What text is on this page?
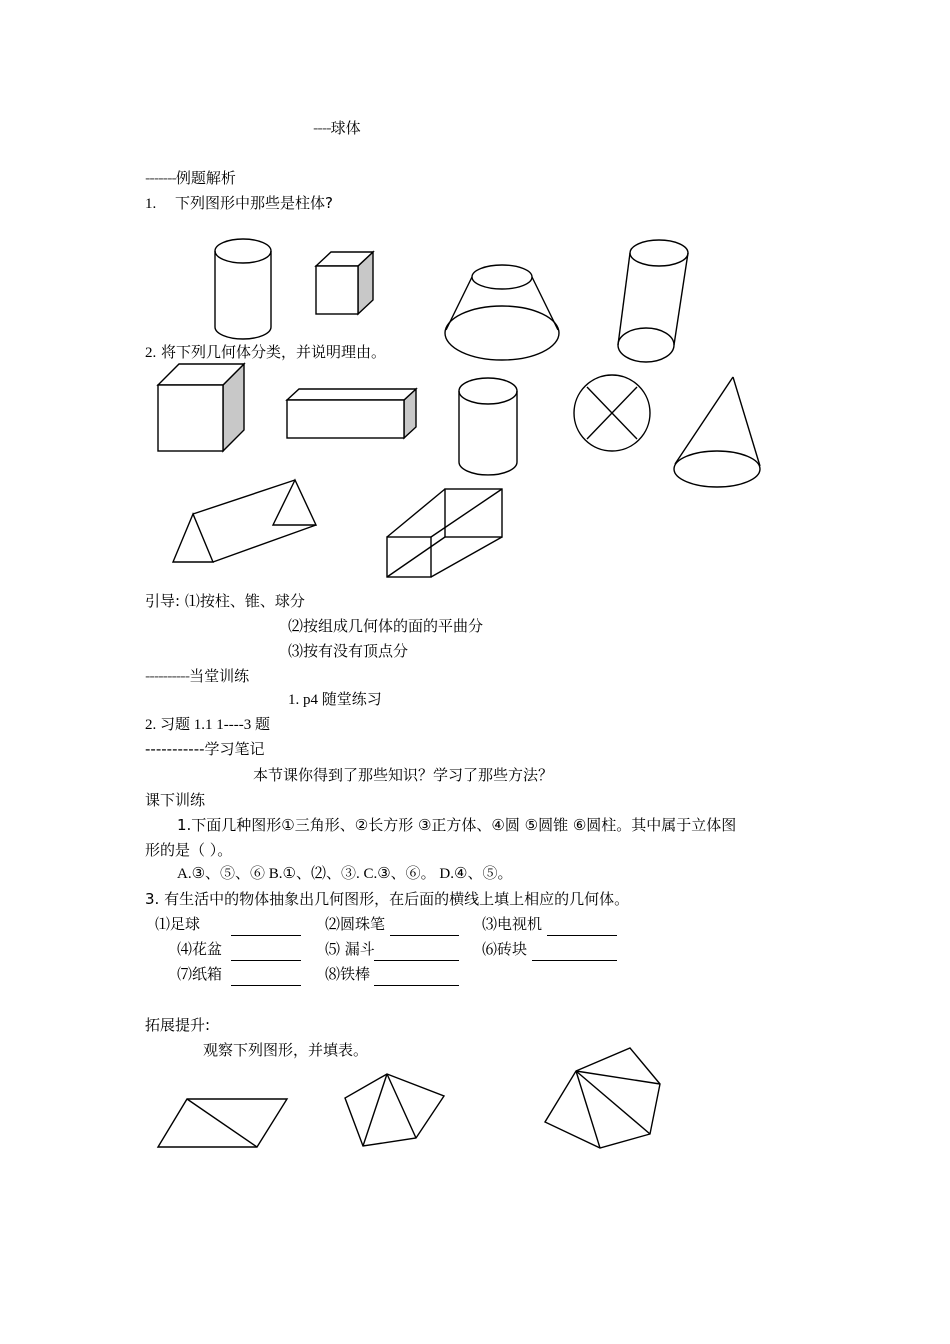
----球体
-------例题解析
1. 下列图形中那些是柱体?
2. 将下列几何体分类，并说明理由。
引导: ⑴按柱、锥、球分
⑵按组成几何体的面的平曲分
⑶按有没有顶点分
----------当堂训练
1. p4 随堂练习
2. 习题 1.1 1----3 题
-----------学习笔记
本节课你得到了那些知识？学习了那些方法？
课下训练
1.下面几种图形①三角形、②长方形 ③正方体、④圆 ⑤圆锥 ⑥圆柱。其中属于立体图
形的是（ ）。
A.③、⑤、⑥ B.①、⑵、③. C.③、⑥。 D.④、⑤。
3. 有生活中的物体抽象出几何图形，在后面的横线上填上相应的几何体。
⑴足球	⑵圆珠笔	⑶电视机
⑷花盆	⑸ 漏斗	⑹砖块
⑺纸箱	⑻铁棒
拓展提升:
观察下列图形，并填表。
